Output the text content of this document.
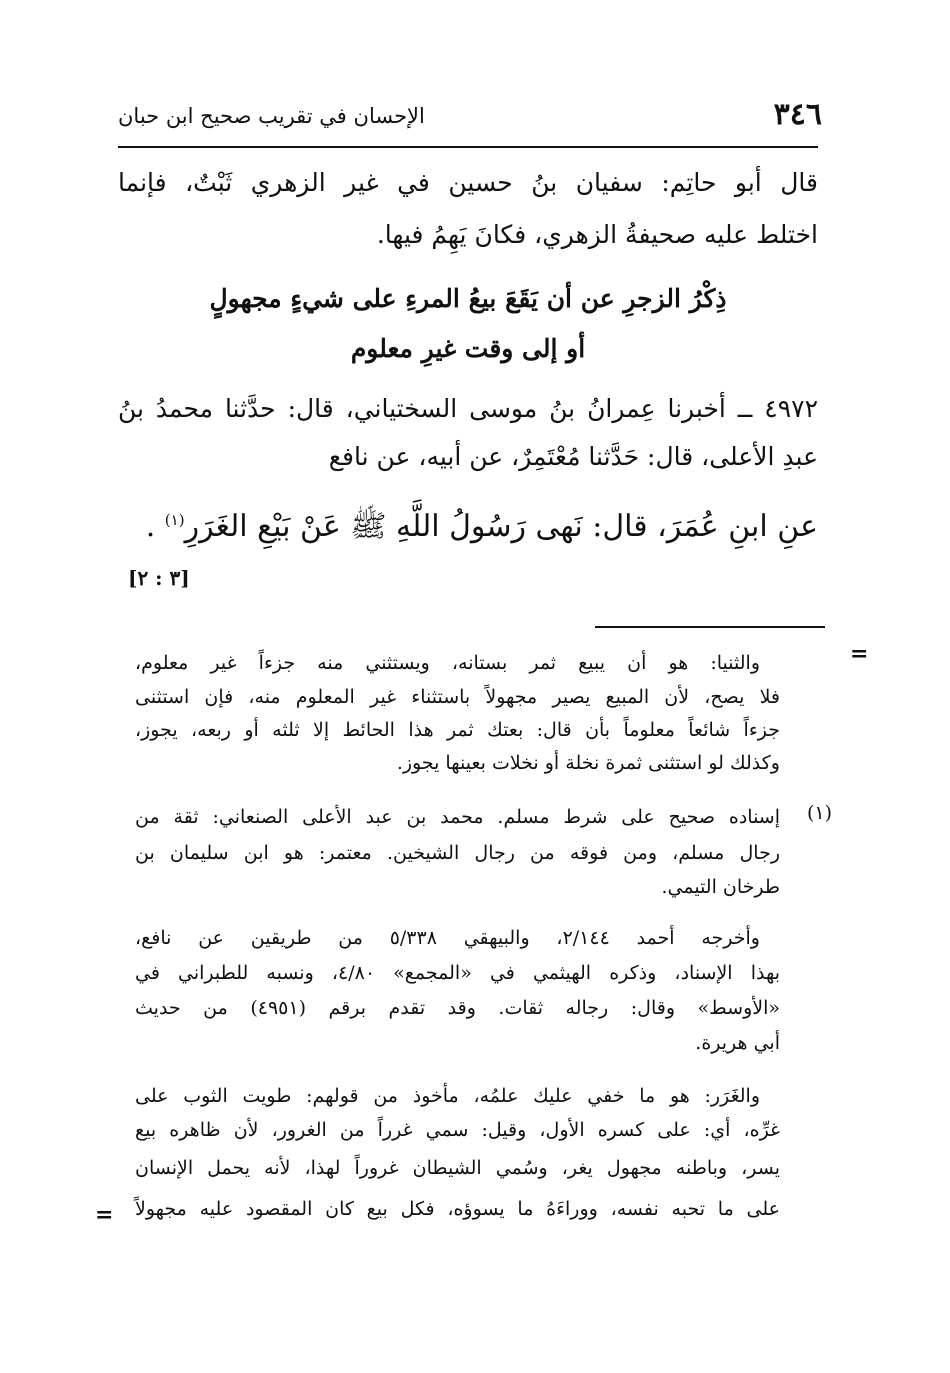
٣٤٦
الإحسان في تقريب صحيح ابن حبان
قال أبو حاتِم: سفيان بنُ حسين في غير الزهري ثَبْتٌ، فإنما
اختلط عليه صحيفةُ الزهري، فكانَ يَهِمُ فيها.
ذِكْرُ الزجرِ عن أن يَقَعَ بيعُ المرءِ على شيءٍ مجهولٍ
أو إلى وقت غيرِ معلوم
٤٩٧٢ ــ أخبرنا عِمرانُ بنُ موسى السختياني، قال: حدَّثنا محمدُ بنُ
عبدِ الأعلى، قال: حَدَّثنا مُعْتَمِرٌ، عن أبيه، عن نافع
عنِ ابنِ عُمَرَ، قال: نَهى رَسُولُ اللَّهِ ﷺ عَنْ بَيْعِ الغَرَرِ$^{(١)}$ .
[٣ : ٢]
=
والثنيا: هو أن يبيع ثمر بستانه، ويستثني منه جزءاً غير معلوم،
فلا يصح، لأن المبيع يصير مجهولاً باستثناء غير المعلوم منه، فإن استثنى
جزءاً شائعاً معلوماً بأن قال: بعتك ثمر هذا الحائط إلا ثلثه أو ربعه، يجوز،
وكذلك لو استثنى ثمرة نخلة أو نخلات بعينها يجوز.
(١)
إسناده صحيح على شرط مسلم. محمد بن عبد الأعلى الصنعاني: ثقة من
رجال مسلم، ومن فوقه من رجال الشيخين. معتمر: هو ابن سليمان بن
طرخان التيمي.
وأخرجه أحمد ٢/١٤٤، والبيهقي ٥/٣٣٨ من طريقين عن نافع،
بهذا الإسناد، وذكره الهيثمي في «المجمع» ٤/٨٠، ونسبه للطبراني في
«الأوسط» وقال: رجاله ثقات. وقد تقدم برقم (٤٩٥١) من حديث
أبي هريرة.
والغَرَر: هو ما خفي عليك علمُه، مأخوذ من قولهم: طويت الثوب على
غرِّه، أي: على كسره الأول، وقيل: سمي غرراً من الغرور، لأن ظاهره بيع
يسر، وباطنه مجهول يغر، وسُمي الشيطان غروراً لهذا، لأنه يحمل الإنسان
على ما تحبه نفسه، ووراءَهُ ما يسوؤه، فكل بيع كان المقصود عليه مجهولاً
=
